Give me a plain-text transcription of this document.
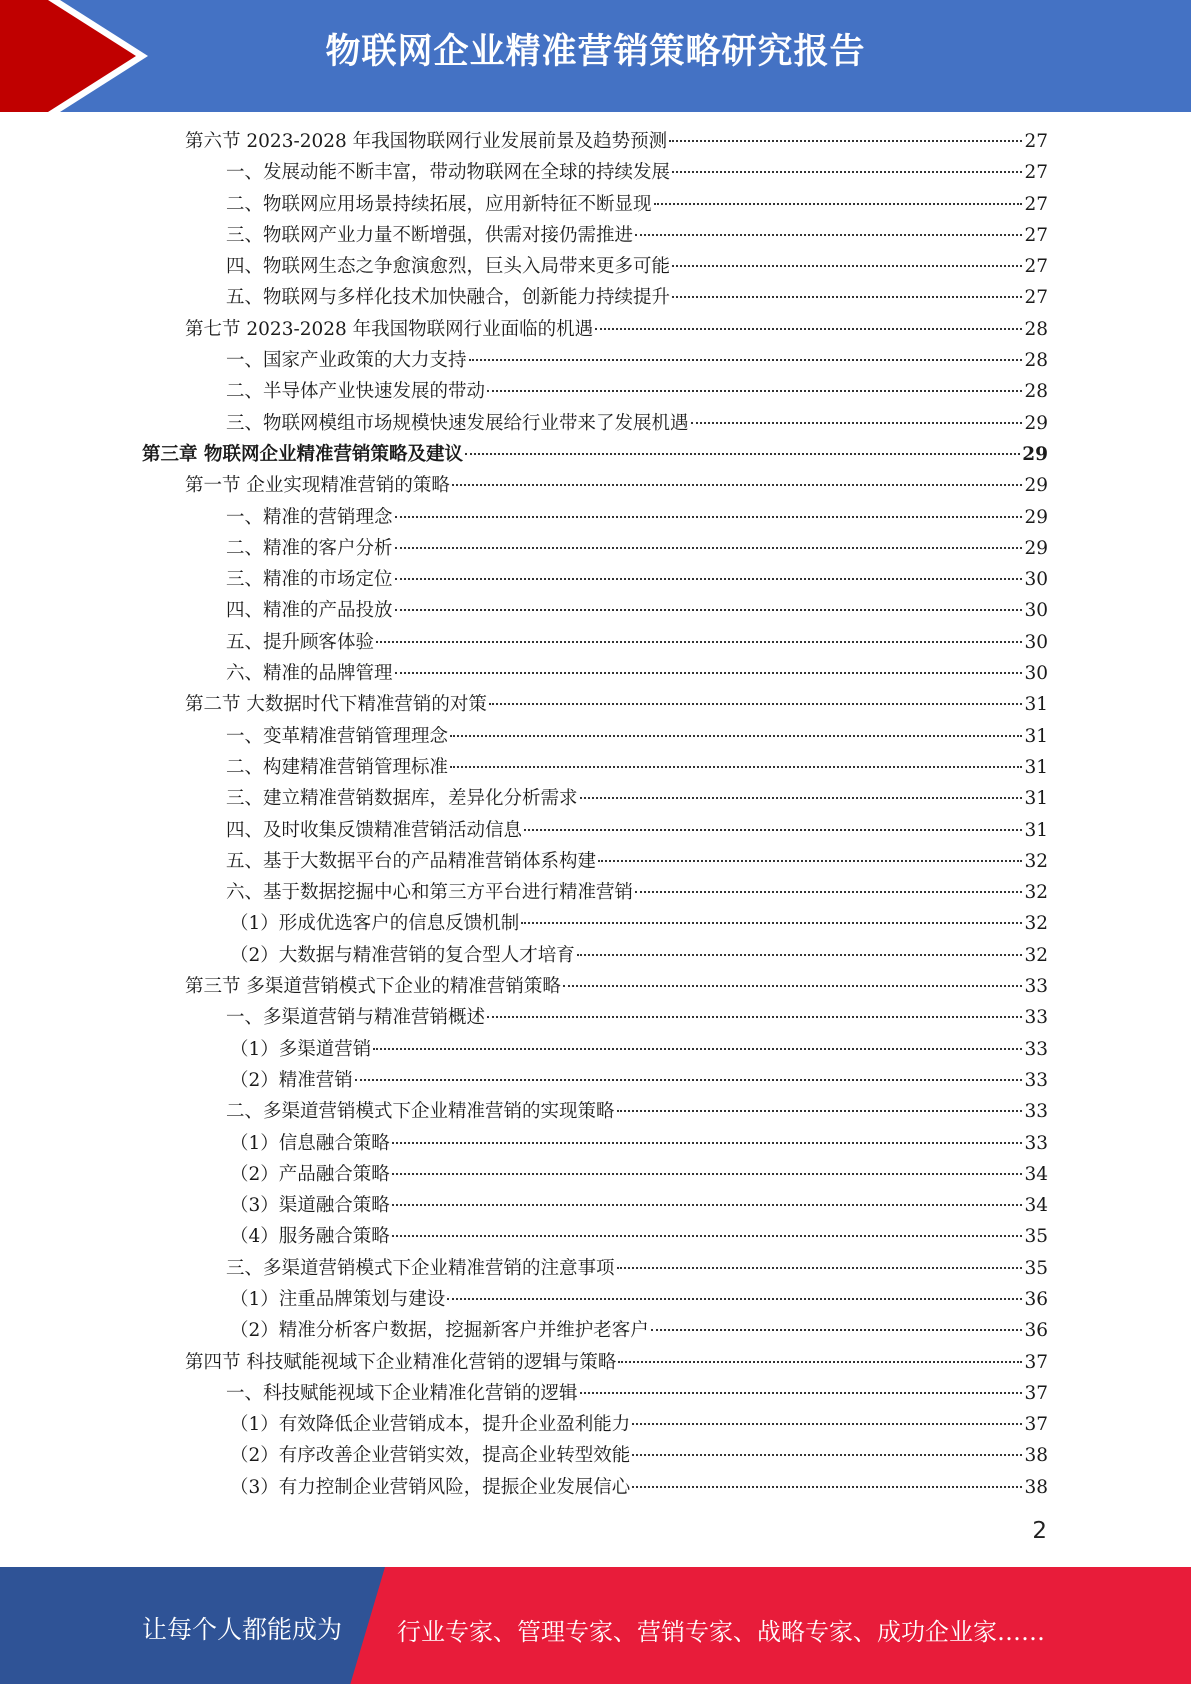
物联网企业精准营销策略研究报告
第六节 2023-2028 年我国物联网行业发展前景及趋势预测	27
一、发展动能不断丰富，带动物联网在全球的持续发展	27
二、物联网应用场景持续拓展，应用新特征不断显现	27
三、物联网产业力量不断增强，供需对接仍需推进	27
四、物联网生态之争愈演愈烈，巨头入局带来更多可能	27
五、物联网与多样化技术加快融合，创新能力持续提升	27
第七节 2023-2028 年我国物联网行业面临的机遇	28
一、国家产业政策的大力支持	28
二、半导体产业快速发展的带动	28
三、物联网模组市场规模快速发展给行业带来了发展机遇	29
第三章 物联网企业精准营销策略及建议	29
第一节 企业实现精准营销的策略	29
一、精准的营销理念	29
二、精准的客户分析	29
三、精准的市场定位	30
四、精准的产品投放	30
五、提升顾客体验	30
六、精准的品牌管理	30
第二节 大数据时代下精准营销的对策	31
一、变革精准营销管理理念	31
二、构建精准营销管理标准	31
三、建立精准营销数据库，差异化分析需求	31
四、及时收集反馈精准营销活动信息	31
五、基于大数据平台的产品精准营销体系构建	32
六、基于数据挖掘中心和第三方平台进行精准营销	32
（1）形成优选客户的信息反馈机制	32
（2）大数据与精准营销的复合型人才培育	32
第三节 多渠道营销模式下企业的精准营销策略	33
一、多渠道营销与精准营销概述	33
（1）多渠道营销	33
（2）精准营销	33
二、多渠道营销模式下企业精准营销的实现策略	33
（1）信息融合策略	33
（2）产品融合策略	34
（3）渠道融合策略	34
（4）服务融合策略	35
三、多渠道营销模式下企业精准营销的注意事项	35
（1）注重品牌策划与建设	36
（2）精准分析客户数据，挖掘新客户并维护老客户	36
第四节 科技赋能视域下企业精准化营销的逻辑与策略	37
一、科技赋能视域下企业精准化营销的逻辑	37
（1）有效降低企业营销成本，提升企业盈利能力	37
（2）有序改善企业营销实效，提高企业转型效能	38
（3）有力控制企业营销风险，提振企业发展信心	38
2
让每个人都能成为 行业专家、管理专家、营销专家、战略专家、成功企业家……
